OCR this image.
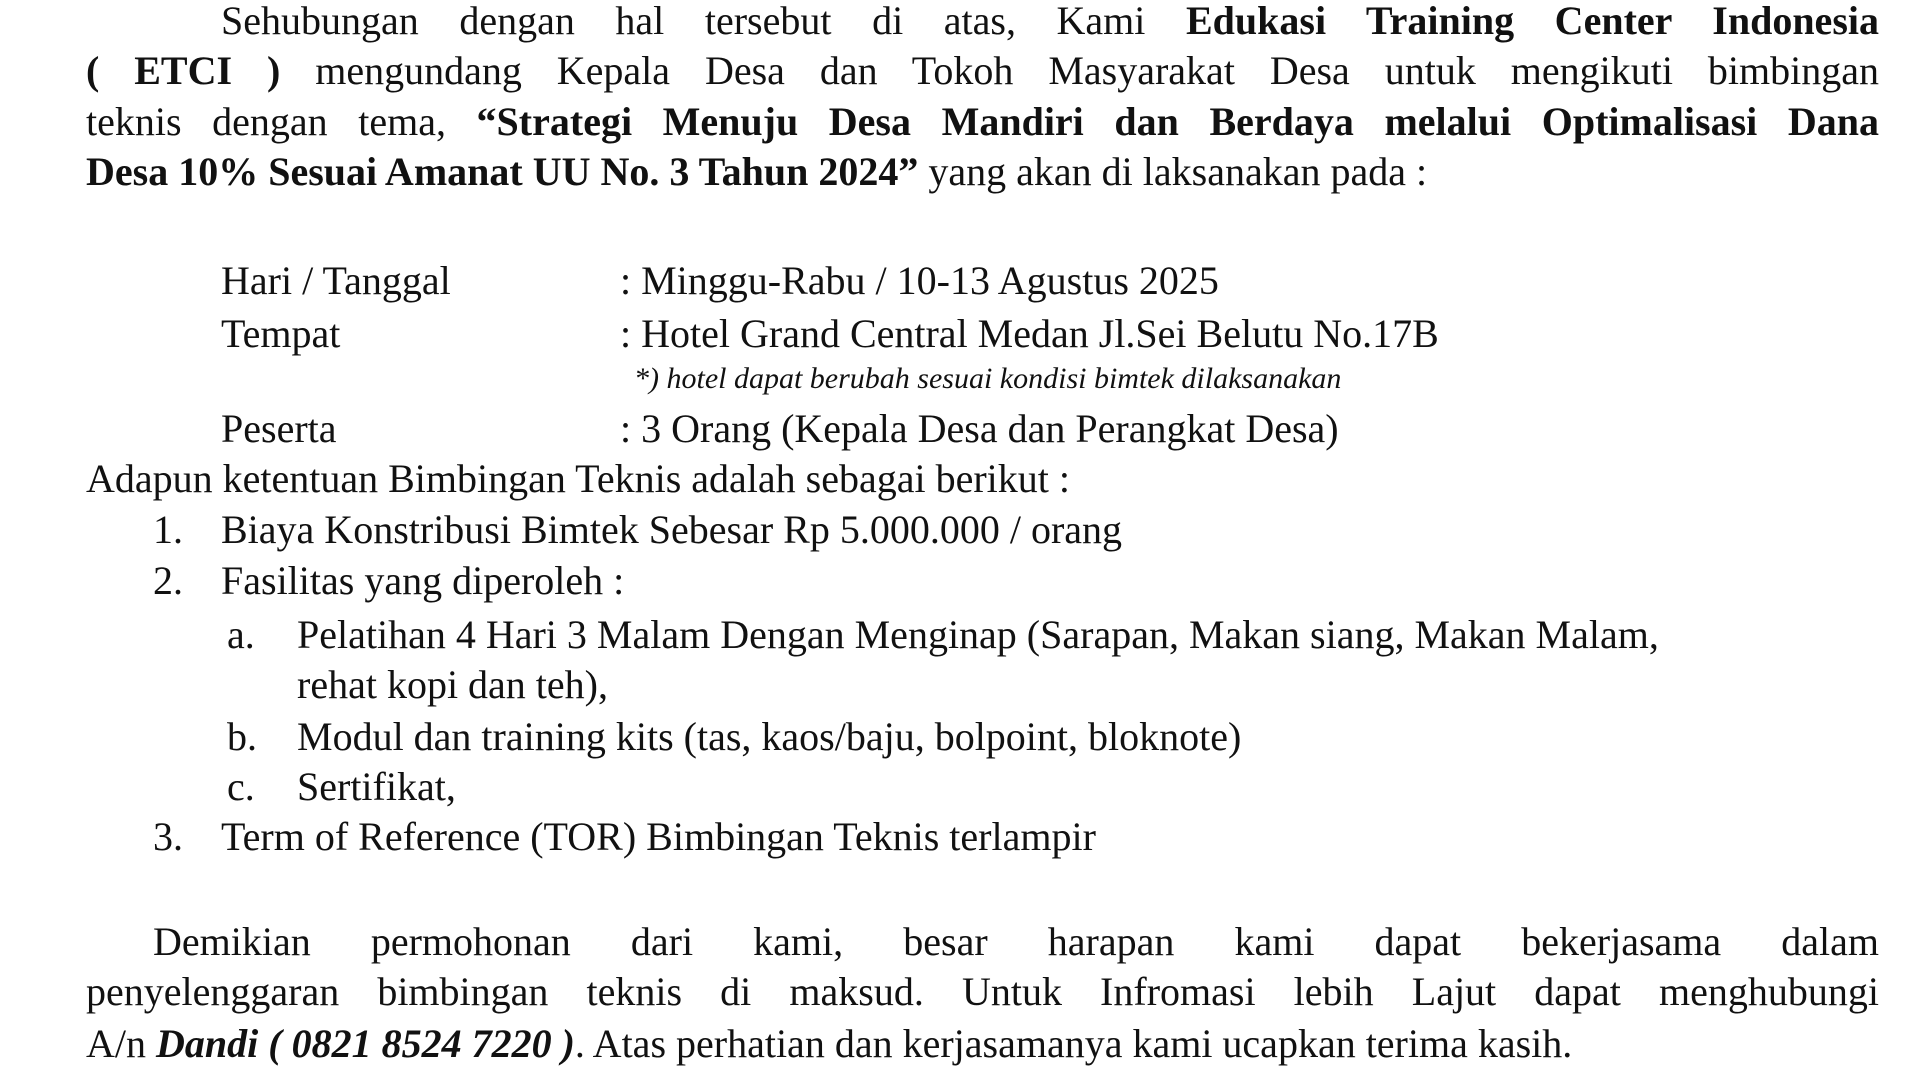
Sehubungan dengan hal tersebut di atas, Kami Edukasi Training Center Indonesia
( ETCI ) mengundang Kepala Desa dan Tokoh Masyarakat Desa untuk mengikuti bimbingan
teknis dengan tema, “Strategi Menuju Desa Mandiri dan Berdaya melalui Optimalisasi Dana
Desa 10% Sesuai Amanat UU No. 3 Tahun 2024” yang akan di laksanakan pada :
Hari / Tanggal	: Minggu-Rabu / 10-13 Agustus 2025
Tempat	: Hotel Grand Central Medan Jl.Sei Belutu No.17B
*) hotel dapat berubah sesuai kondisi bimtek dilaksanakan
Peserta	: 3 Orang (Kepala Desa dan Perangkat Desa)
Adapun ketentuan Bimbingan Teknis adalah sebagai berikut :
1. Biaya Konstribusi Bimtek Sebesar Rp 5.000.000 / orang
2. Fasilitas yang diperoleh :
a. Pelatihan 4 Hari 3 Malam Dengan Menginap (Sarapan, Makan siang, Makan Malam,
rehat kopi dan teh),
b. Modul dan training kits (tas, kaos/baju, bolpoint, bloknote)
c. Sertifikat,
3. Term of Reference (TOR) Bimbingan Teknis terlampir
Demikian permohonan dari kami, besar harapan kami dapat bekerjasama dalam
penyelenggaran bimbingan teknis di maksud. Untuk Infromasi lebih Lajut dapat menghubungi
A/n Dandi ( 0821 8524 7220 ). Atas perhatian dan kerjasamanya kami ucapkan terima kasih.
